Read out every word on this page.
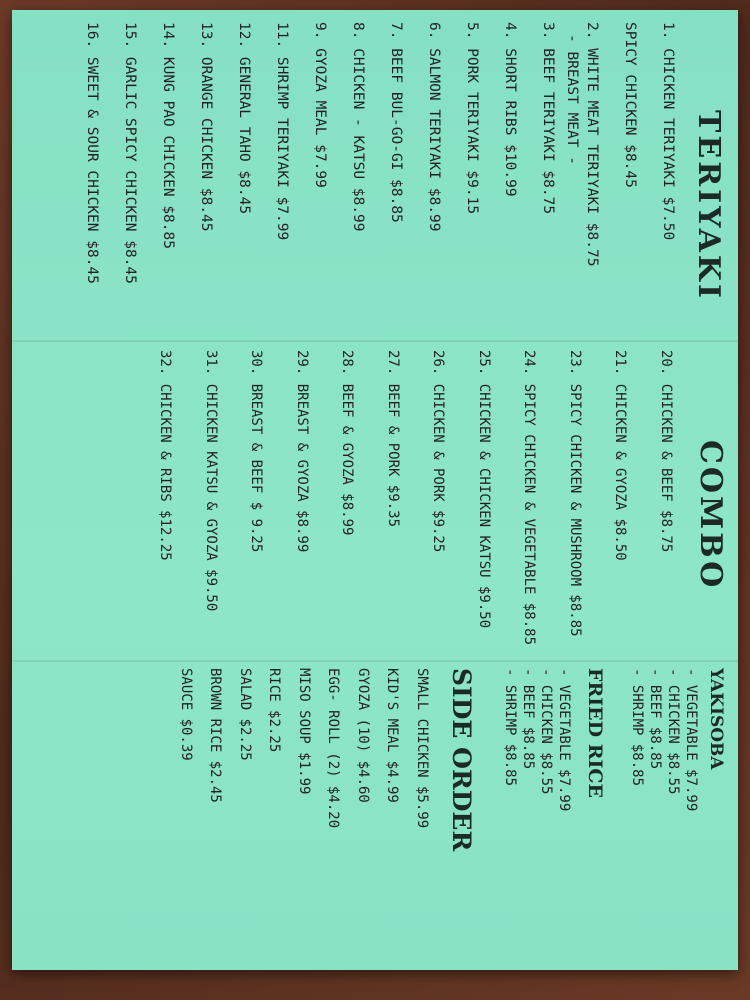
TERIYAKI
1. CHICKEN TERIYAKI $7.50
SPICY CHICKEN $8.45
2. WHITE MEAT TERIYAKI $8.75
- BREAST MEAT -
3. BEEF TERIYAKI $8.75
4. SHORT RIBS $10.99
5. PORK TERIYAKI $9.15
6. SALMON TERIYAKI $8.99
7. BEEF BUL-GO-GI $8.85
8. CHICKEN - KATSU $8.99
9. GYOZA MEAL $7.99
11. SHRIMP TERIYAKI $7.99
12. GENERAL TAHO $8.45
13. ORANGE CHICKEN $8.45
14. KUNG PAO CHICKEN $8.85
15. GARLIC SPICY CHICKEN $8.45
16. SWEET & SOUR CHICKEN $8.45
COMBO
20. CHICKEN & BEEF $8.75
21. CHICKEN & GYOZA $8.50
23. SPICY CHICKEN & MUSHROOM $8.85
24. SPICY CHICKEN & VEGETABLE $8.85
25. CHICKEN & CHICKEN KATSU $9.50
26. CHICKEN & PORK $9.25
27. BEEF & PORK $9.35
28. BEEF & GYOZA $8.99
29. BREAST & GYOZA $8.99
30. BREAST & BEEF $ 9.25
31. CHICKEN KATSU & GYOZA $9.50
32. CHICKEN & RIBS $12.25
YAKISOBA
- VEGETABLE $7.99
- CHICKEN $8.55
- BEEF $8.85
- SHRIMP $8.85
FRIED RICE
- VEGETABLE $7.99
- CHICKEN $8.55
- BEEF $8.85
- SHRIMP $8.85
SIDE ORDER
SMALL CHICKEN $5.99
KID'S MEAL $4.99
GYOZA (10) $4.60
EGG- ROLL (2) $4.20
MISO SOUP $1.99
RICE $2.25
SALAD $2.25
BROWN RICE $2.45
SAUCE $0.39
